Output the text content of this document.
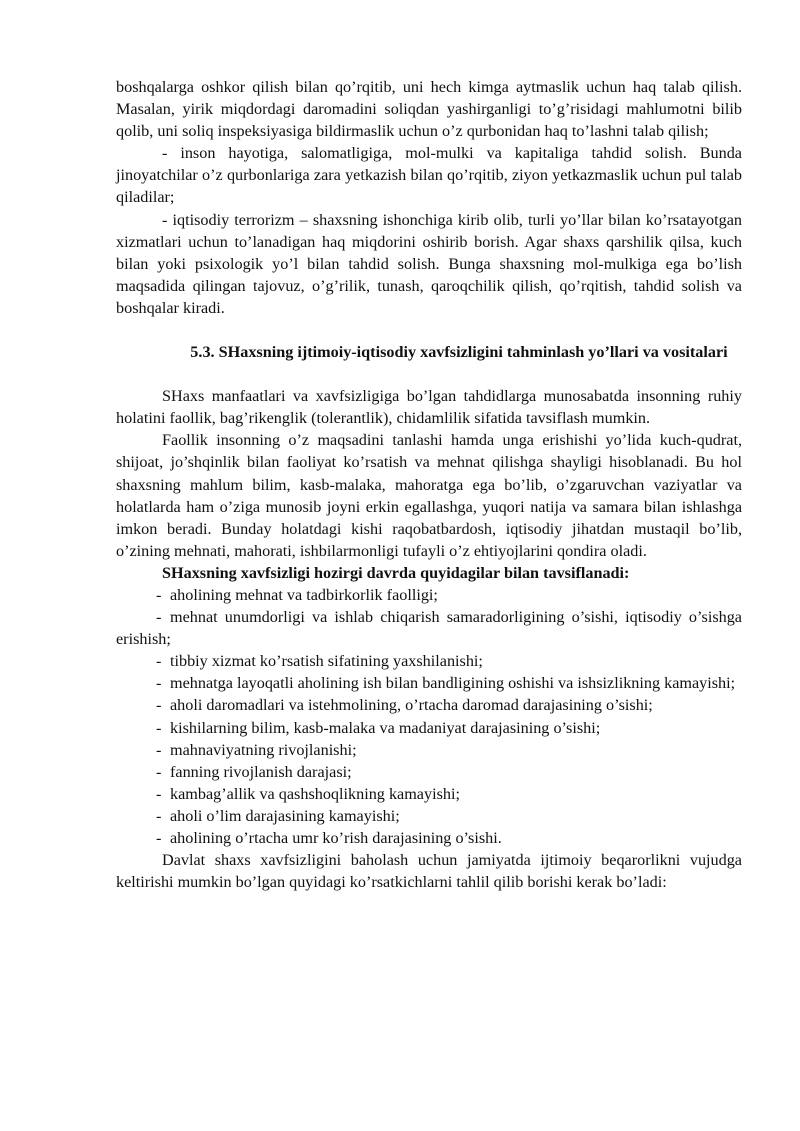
boshqalarga oshkor qilish bilan qo’rqitib, uni hech kimga aytmaslik uchun haq talab qilish. Masalan, yirik miqdordagi daromadini soliqdan yashirganligi to’g’risidagi mahlumotni bilib qolib, uni soliq inspeksiyasiga bildirmaslik uchun o’z qurbonidan haq to’lashni talab qilish;

- inson hayotiga, salomatligiga, mol-mulki va kapitaliga tahdid solish. Bunda jinoyatchilar o’z qurbonlariga zara yetkazish bilan qo’rqitib, ziyon yetkazmaslik uchun pul talab qiladilar;

- iqtisodiy terrorizm – shaxsning ishonchiga kirib olib, turli yo’llar bilan ko’rsatayotgan xizmatlari uchun to’lanadigan haq miqdorini oshirib borish. Agar shaxs qarshilik qilsa, kuch bilan yoki psixologik yo’l bilan tahdid solish. Bunga shaxsning mol-mulkiga ega bo’lish maqsadida qilingan tajovuz, o’g’rilik, tunash, qaroqchilik qilish, qo’rqitish, tahdid solish va boshqalar kiradi.

5.3. SHaxsning ijtimoiy-iqtisodiy xavfsizligini tahminlash yo’llari va vositalari

SHaxs manfaatlari va xavfsizligiga bo’lgan tahdidlarga munosabatda insonning ruhiy holatini faollik, bag’rikenglik (tolerantlik), chidamlilik sifatida tavsiflash mumkin.

Faollik insonning o’z maqsadini tanlashi hamda unga erishishi yo’lida kuch-qudrat, shijoat, jo’shqinlik bilan faoliyat ko’rsatish va mehnat qilishga shayligi hisoblanadi. Bu hol shaxsning mahlum bilim, kasb-malaka, mahoratga ega bo’lib, o’zgaruvchan vaziyatlar va holatlarda ham o’ziga munosib joyni erkin egallashga, yuqori natija va samara bilan ishlashga imkon beradi. Bunday holatdagi kishi raqobatbardosh, iqtisodiy jihatdan mustaqil bo’lib, o’zining mehnati, mahorati, ishbilarmonligi tufayli o’z ehtiyojlarini qondira oladi.

SHaxsning xavfsizligi hozirgi davrda quyidagilar bilan tavsiflanadi:

- aholining mehnat va tadbirkorlik faolligi;
- mehnat unumdorligi va ishlab chiqarish samaradorligining o’sishi, iqtisodiy o’sishga erishish;
- tibbiy xizmat ko’rsatish sifatining yaxshilanishi;
- mehnatga layoqatli aholining ish bilan bandligining oshishi va ishsizlikning kamayishi;
- aholi daromadlari va istehmolining, o’rtacha daromad darajasining o’sishi;
- kishilarning bilim, kasb-malaka va madaniyat darajasining o’sishi;
- mahnaviyatning rivojlanishi;
- fanning rivojlanish darajasi;
- kambag’allik va qashshoqlikning kamayishi;
- aholi o’lim darajasining kamayishi;
- aholining o’rtacha umr ko’rish darajasining o’sishi.

Davlat shaxs xavfsizligini baholash uchun jamiyatda ijtimoiy beqarorlikni vujudga keltirishi mumkin bo’lgan quyidagi ko’rsatkichlarni tahlil qilib borishi kerak bo’ladi:
